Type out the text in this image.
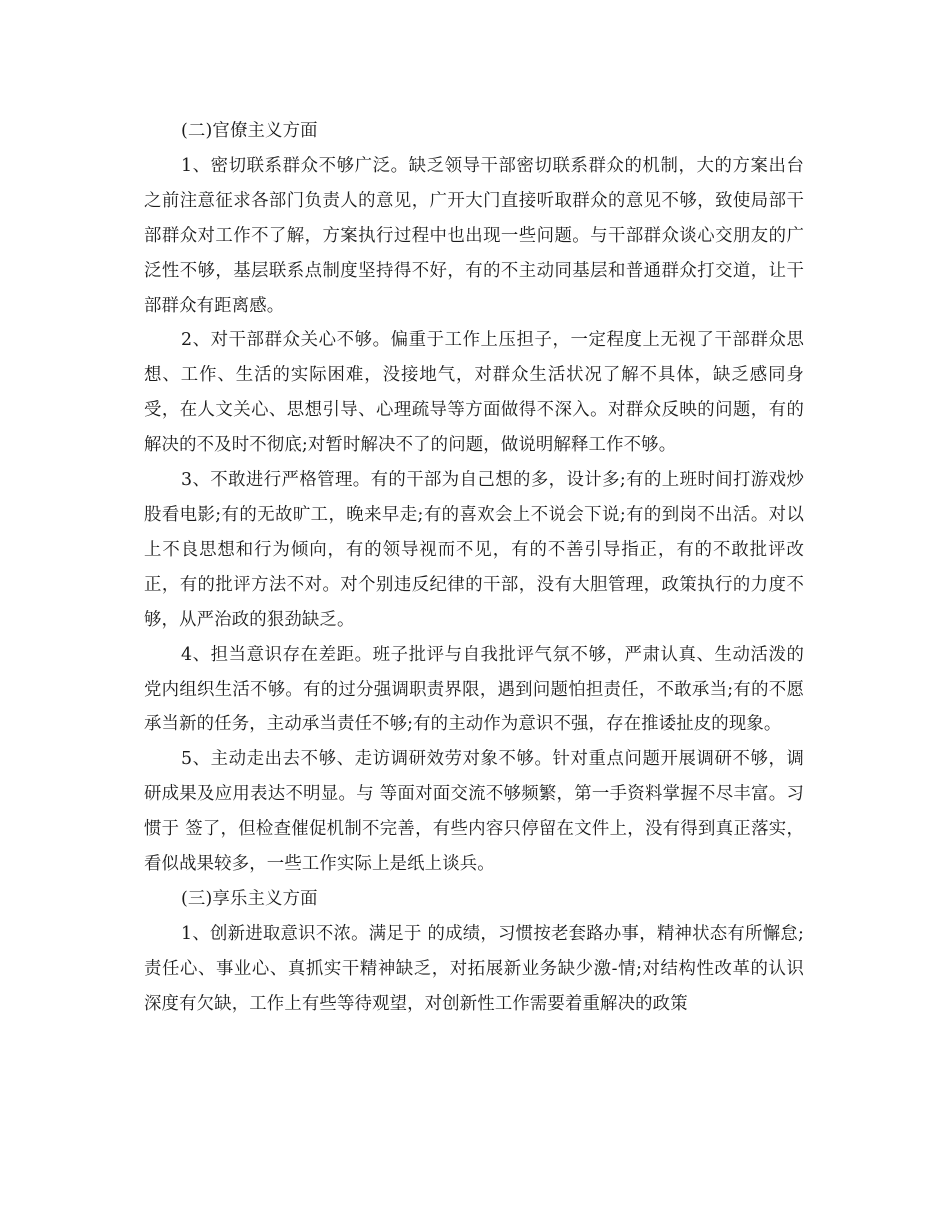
(二)官僚主义方面

1、密切联系群众不够广泛。缺乏领导干部密切联系群众的机制，大的方案出台之前注意征求各部门负责人的意见，广开大门直接听取群众的意见不够，致使局部干部群众对工作不了解，方案执行过程中也出现一些问题。与干部群众谈心交朋友的广泛性不够，基层联系点制度坚持得不好，有的不主动同基层和普通群众打交道，让干部群众有距离感。

2、对干部群众关心不够。偏重于工作上压担子，一定程度上无视了干部群众思想、工作、生活的实际困难，没接地气，对群众生活状况了解不具体，缺乏感同身受，在人文关心、思想引导、心理疏导等方面做得不深入。对群众反映的问题，有的解决的不及时不彻底;对暂时解决不了的问题，做说明解释工作不够。

3、不敢进行严格管理。有的干部为自己想的多，设计多;有的上班时间打游戏炒股看电影;有的无故旷工，晚来早走;有的喜欢会上不说会下说;有的到岗不出活。对以上不良思想和行为倾向，有的领导视而不见，有的不善引导指正，有的不敢批评改正，有的批评方法不对。对个别违反纪律的干部，没有大胆管理，政策执行的力度不够，从严治政的狠劲缺乏。

4、担当意识存在差距。班子批评与自我批评气氛不够，严肃认真、生动活泼的党内组织生活不够。有的过分强调职责界限，遇到问题怕担责任，不敢承当;有的不愿承当新的任务，主动承当责任不够;有的主动作为意识不强，存在推诿扯皮的现象。

5、主动走出去不够、走访调研效劳对象不够。针对重点问题开展调研不够，调研成果及应用表达不明显。与 等面对面交流不够频繁，第一手资料掌握不尽丰富。习惯于 签了，但检查催促机制不完善，有些内容只停留在文件上，没有得到真正落实，看似战果较多，一些工作实际上是纸上谈兵。

(三)享乐主义方面

1、创新进取意识不浓。满足于 的成绩，习惯按老套路办事，精神状态有所懈怠;责任心、事业心、真抓实干精神缺乏，对拓展新业务缺少激-情;对结构性改革的认识深度有欠缺，工作上有些等待观望，对创新性工作需要着重解决的政策
